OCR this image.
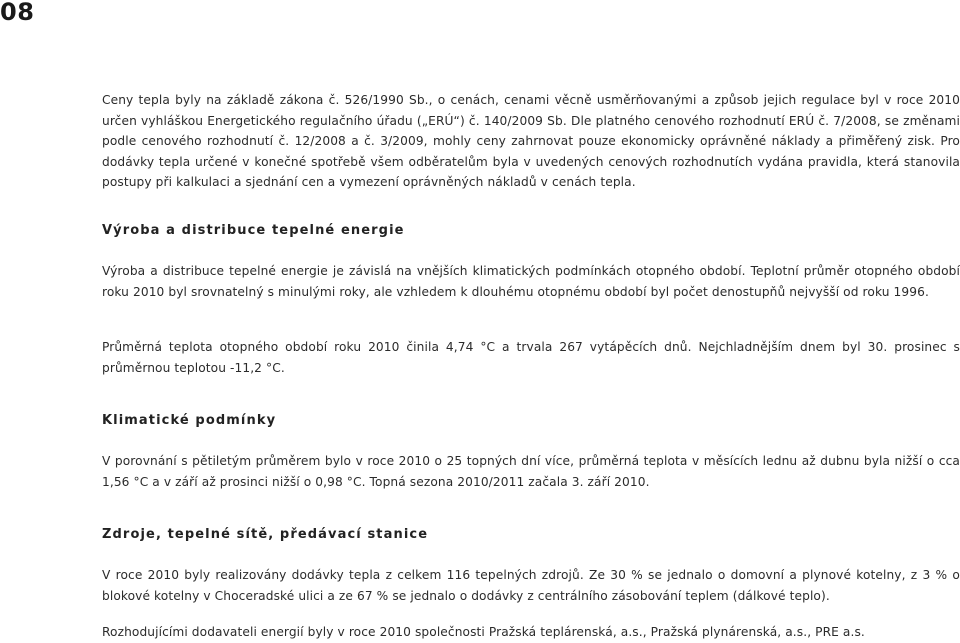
08

Ceny tepla byly na základě zákona č. 526/1990 Sb., o cenách, cenami věcně usměrňovanými a způsob jejich regulace byl v roce 2010 určen vyhláškou Energetického regulačního úřadu („ERÚ“) č. 140/2009 Sb. Dle platného cenového rozhodnutí ERÚ č. 7/2008, se změnami podle cenového rozhodnutí č. 12/2008 a č. 3/2009, mohly ceny zahrnovat pouze ekonomicky oprávněné náklady a přiměřený zisk. Pro dodávky tepla určené v konečné spotřebě všem odběratelům byla v uvedených cenových rozhodnutích vydána pravidla, která stanovila postupy při kalkulaci a sjednání cen a vymezení oprávněných nákladů v cenách tepla.

Výroba a distribuce tepelné energie

Výroba a distribuce tepelné energie je závislá na vnějších klimatických podmínkách otopného období. Teplotní průměr otopného období roku 2010 byl srovnatelný s minulými roky, ale vzhledem k dlouhému otopnému období byl počet denostupňů nejvyšší od roku 1996.

Průměrná teplota otopného období roku 2010 činila 4,74 °C a trvala 267 vytápěcích dnů. Nejchladnějším dnem byl 30. prosinec s průměrnou teplotou -11,2 °C.

Klimatické podmínky

V porovnání s pětiletým průměrem bylo v roce 2010 o 25 topných dní více, průměrná teplota v měsících lednu až dubnu byla nižší o cca 1,56 °C a v září až prosinci nižší o 0,98 °C. Topná sezona 2010/2011 začala 3. září 2010.

Zdroje, tepelné sítě, předávací stanice

V roce 2010 byly realizovány dodávky tepla z celkem 116 tepelných zdrojů. Ze 30 % se jednalo o domovní a plynové kotelny, z 3 % o blokové kotelny v Choceradské ulici a ze 67 % se jednalo o dodávky z centrálního zásobování teplem (dálkové teplo).

Rozhodujícími dodavateli energií byly v roce 2010 společnosti Pražská teplárenská, a.s., Pražská plynárenská, a.s., PRE a.s.
